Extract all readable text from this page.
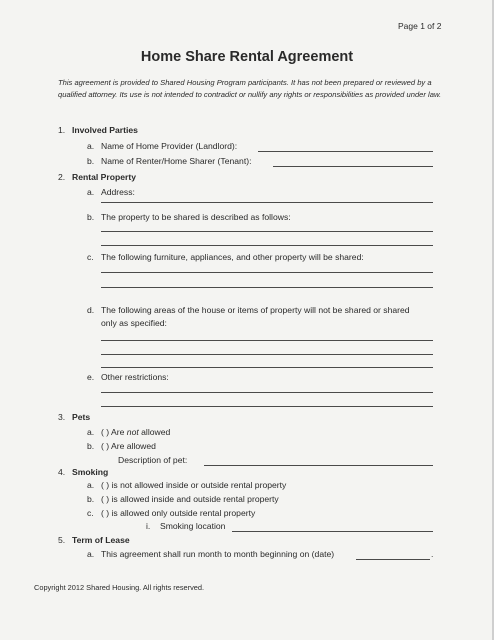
Page 1 of 2
Home Share Rental Agreement
This agreement is provided to Shared Housing Program participants. It has not been prepared or reviewed by a qualified attorney. Its use is not intended to contradict or nullify any rights or responsibilities as provided under law.
1. Involved Parties
a. Name of Home Provider (Landlord):
b. Name of Renter/Home Sharer (Tenant):
2. Rental Property
a. Address:
b. The property to be shared is described as follows:
c. The following furniture, appliances, and other property will be shared:
d. The following areas of the house or items of property will not be shared or shared
only as specified:
e. Other restrictions:
3. Pets
a. ( ) Are not allowed
b. ( ) Are allowed
Description of pet:
4. Smoking
a. ( ) is not allowed inside or outside rental property
b. ( ) is allowed inside and outside rental property
c. ( ) is allowed only outside rental property
i. Smoking location
5. Term of Lease
a. This agreement shall run month to month beginning on (date)	.
Copyright 2012 Shared Housing. All rights reserved.
